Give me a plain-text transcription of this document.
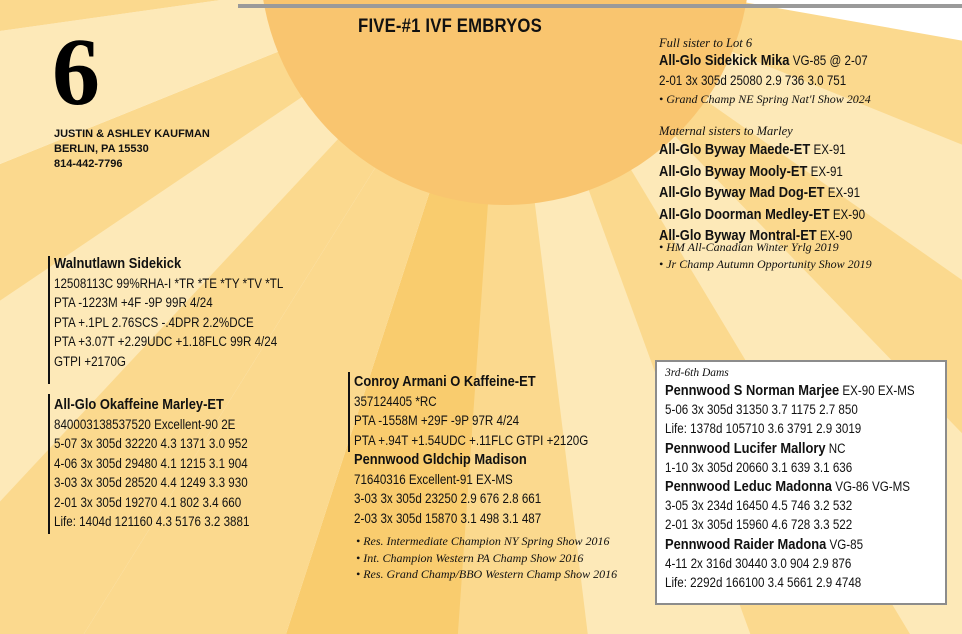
FIVE-#1 IVF EMBRYOS
6
JUSTIN & ASHLEY KAUFMAN
BERLIN, PA 15530
814-442-7796
Walnutlawn Sidekick
12508113C 99%RHA-I *TR *TE *TY *TV *TL
PTA -1223M +4F -9P 99R 4/24
PTA +.1PL 2.76SCS -.4DPR 2.2%DCE
PTA +3.07T +2.29UDC +1.18FLC 99R 4/24
GTPI +2170G
All-Glo Okaffeine Marley-ET
840003138537520 Excellent-90 2E
5-07 3x 305d 32220 4.3 1371 3.0 952
4-06 3x 305d 29480 4.1 1215 3.1 904
3-03 3x 305d 28520 4.4 1249 3.3 930
2-01 3x 305d 19270 4.1 802 3.4 660
Life: 1404d 121160 4.3 5176 3.2 3881
Conroy Armani O Kaffeine-ET
357124405 *RC
PTA -1558M +29F -9P 97R 4/24
PTA +.94T +1.54UDC +.11FLC GTPI +2120G
Pennwood Gldchip Madison
71640316 Excellent-91 EX-MS
3-03 3x 305d 23250 2.9 676 2.8 661
2-03 3x 305d 15870 3.1 498 3.1 487
• Res. Intermediate Champion NY Spring Show 2016
• Int. Champion Western PA Champ Show 2016
• Res. Grand Champ/BBO Western Champ Show 2016
Full sister to Lot 6
All-Glo Sidekick Mika VG-85 @ 2-07
2-01 3x 305d 25080 2.9 736 3.0 751
• Grand Champ NE Spring Nat'l Show 2024
Maternal sisters to Marley
All-Glo Byway Maede-ET EX-91
All-Glo Byway Mooly-ET EX-91
All-Glo Byway Mad Dog-ET EX-91
All-Glo Doorman Medley-ET EX-90
All-Glo Byway Montral-ET EX-90
• HM All-Canadian Winter Yrlg 2019
• Jr Champ Autumn Opportunity Show 2019
3rd-6th Dams
Pennwood S Norman Marjee EX-90 EX-MS
5-06 3x 305d 31350 3.7 1175 2.7 850
Life: 1378d 105710 3.6 3791 2.9 3019
Pennwood Lucifer Mallory NC
1-10 3x 305d 20660 3.1 639 3.1 636
Pennwood Leduc Madonna VG-86 VG-MS
3-05 3x 234d 16450 4.5 746 3.2 532
2-01 3x 305d 15960 4.6 728 3.3 522
Pennwood Raider Madona VG-85
4-11 2x 316d 30440 3.0 904 2.9 876
Life: 2292d 166100 3.4 5661 2.9 4748
